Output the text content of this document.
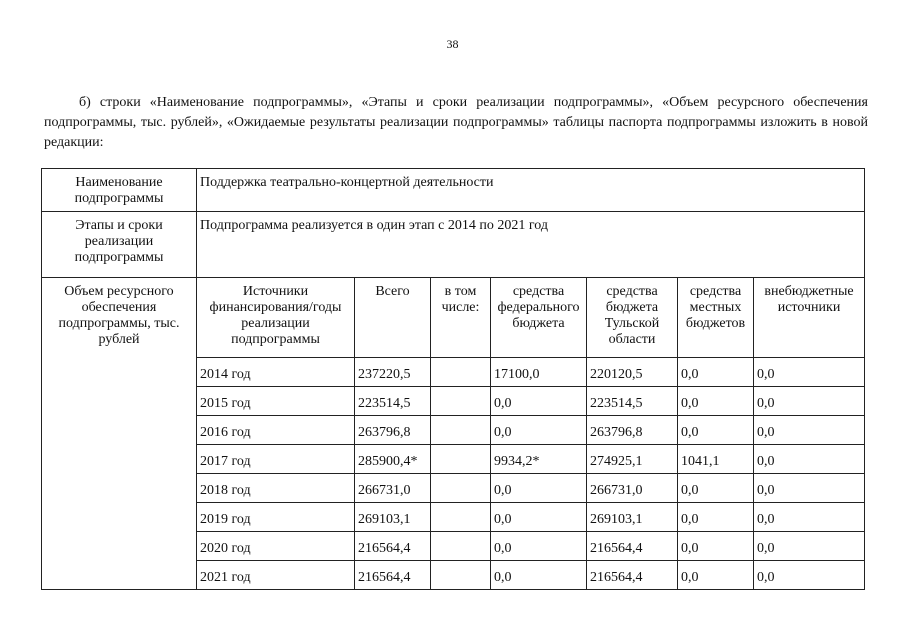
38

б) строки «Наименование подпрограммы», «Этапы и сроки реализации подпрограммы», «Объем ресурсного обеспечения подпрограммы, тыс. рублей», «Ожидаемые результаты реализации подпрограммы» таблицы паспорта подпрограммы изложить в новой редакции:

Наименование подпрограммы	Поддержка театрально-концертной деятельности						
Этапы и сроки реализации подпрограммы	Подпрограмма реализуется в один этап с 2014 по 2021 год						
Объем ресурсного обеспечения подпрограммы, тыс. рублей	Источники финансирования/годы реализации подпрограммы	Всего	в том числе:	средства федерального бюджета	средства бюджета Тульской области	средства местных бюджетов	внебюджетные источники
	2014 год	237220,5		17100,0	220120,5	0,0	0,0
	2015 год	223514,5		0,0	223514,5	0,0	0,0
	2016 год	263796,8		0,0	263796,8	0,0	0,0
	2017 год	285900,4*		9934,2*	274925,1	1041,1	0,0
	2018 год	266731,0		0,0	266731,0	0,0	0,0
	2019 год	269103,1		0,0	269103,1	0,0	0,0
	2020 год	216564,4		0,0	216564,4	0,0	0,0
	2021 год	216564,4		0,0	216564,4	0,0	0,0
